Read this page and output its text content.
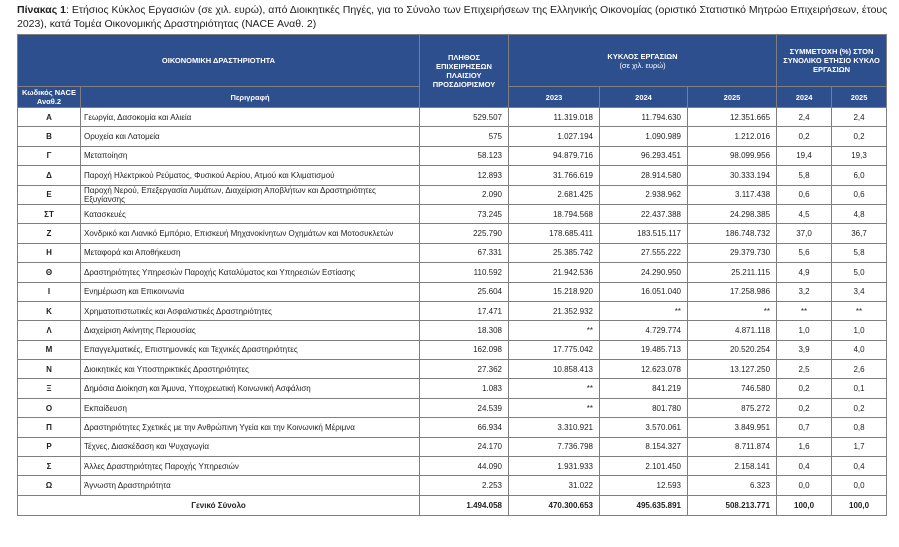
Πίνακας 1: Ετήσιος Κύκλος Εργασιών (σε χιλ. ευρώ), από Διοικητικές Πηγές, για το Σύνολο των Επιχειρήσεων της Ελληνικής Οικονομίας (οριστικό Στατιστικό Μητρώο Επιχειρήσεων, έτους 2023), κατά Τομέα Οικονομικής Δραστηριότητας (NACE Αναθ. 2)
ΟΙΚΟΝΟΜΙΚΗ ΔΡΑΣΤΗΡΙΟΤΗΤΑ		ΠΛΗΘΟΣ ΕΠΙΧΕΙΡΗΣΕΩΝ ΠΛΑΙΣΙΟΥ ΠΡΟΣΔΙΟΡΙΣΜΟΥ	ΚΥΚΛΟΣ ΕΡΓΑΣΙΩΝ
(σε χιλ. ευρώ)			ΣΥΜΜΕΤΟΧΗ (%) ΣΤΟΝ ΣΥΝΟΛΙΚΟ ΕΤΗΣΙΟ ΚΥΚΛΟ ΕΡΓΑΣΙΩΝ	
Κωδικός NACE Αναθ.2	Περιγραφή		2023	2024	2025	2024	2025
Α	Γεωργία, Δασοκομία και Αλιεία	529.507	11.319.018	11.794.630	12.351.665	2,4	2,4
Β	Ορυχεία και Λατομεία	575	1.027.194	1.090.989	1.212.016	0,2	0,2
Γ	Μεταποίηση	58.123	94.879.716	96.293.451	98.099.956	19,4	19,3
Δ	Παροχή Ηλεκτρικού Ρεύματος, Φυσικού Αερίου, Ατμού και Κλιματισμού	12.893	31.766.619	28.914.580	30.333.194	5,8	6,0
Ε	Παροχή Νερού, Επεξεργασία Λυμάτων, Διαχείριση Αποβλήτων και Δραστηριότητες Εξυγίανσης	2.090	2.681.425	2.938.962	3.117.438	0,6	0,6
ΣΤ	Κατασκευές	73.245	18.794.568	22.437.388	24.298.385	4,5	4,8
Ζ	Χονδρικό και Λιανικό Εμπόριο, Επισκευή Μηχανοκίνητων Οχημάτων και Μοτοσυκλετών	225.790	178.685.411	183.515.117	186.748.732	37,0	36,7
Η	Μεταφορά και Αποθήκευση	67.331	25.385.742	27.555.222	29.379.730	5,6	5,8
Θ	Δραστηριότητες Υπηρεσιών Παροχής Καταλύματος και Υπηρεσιών Εστίασης	110.592	21.942.536	24.290.950	25.211.115	4,9	5,0
Ι	Ενημέρωση και Επικοινωνία	25.604	15.218.920	16.051.040	17.258.986	3,2	3,4
Κ	Χρηματοπιστωτικές και Ασφαλιστικές Δραστηριότητες	17.471	21.352.932	**	**	**	**
Λ	Διαχείριση Ακίνητης Περιουσίας	18.308	**	4.729.774	4.871.118	1,0	1,0
Μ	Επαγγελματικές, Επιστημονικές και Τεχνικές Δραστηριότητες	162.098	17.775.042	19.485.713	20.520.254	3,9	4,0
Ν	Διοικητικές και Υποστηρικτικές Δραστηριότητες	27.362	10.858.413	12.623.078	13.127.250	2,5	2,6
Ξ	Δημόσια Διοίκηση και Άμυνα, Υποχρεωτική Κοινωνική Ασφάλιση	1.083	**	841.219	746.580	0,2	0,1
Ο	Εκπαίδευση	24.539	**	801.780	875.272	0,2	0,2
Π	Δραστηριότητες Σχετικές με την Ανθρώπινη Υγεία και την Κοινωνική Μέριμνα	66.934	3.310.921	3.570.061	3.849.951	0,7	0,8
Ρ	Τέχνες, Διασκέδαση και Ψυχαγωγία	24.170	7.736.798	8.154.327	8.711.874	1,6	1,7
Σ	Άλλες Δραστηριότητες Παροχής Υπηρεσιών	44.090	1.931.933	2.101.450	2.158.141	0,4	0,4
Ω	Άγνωστη Δραστηριότητα	2.253	31.022	12.593	6.323	0,0	0,0
Γενικό Σύνολο		1.494.058	470.300.653	495.635.891	508.213.771	100,0	100,0
